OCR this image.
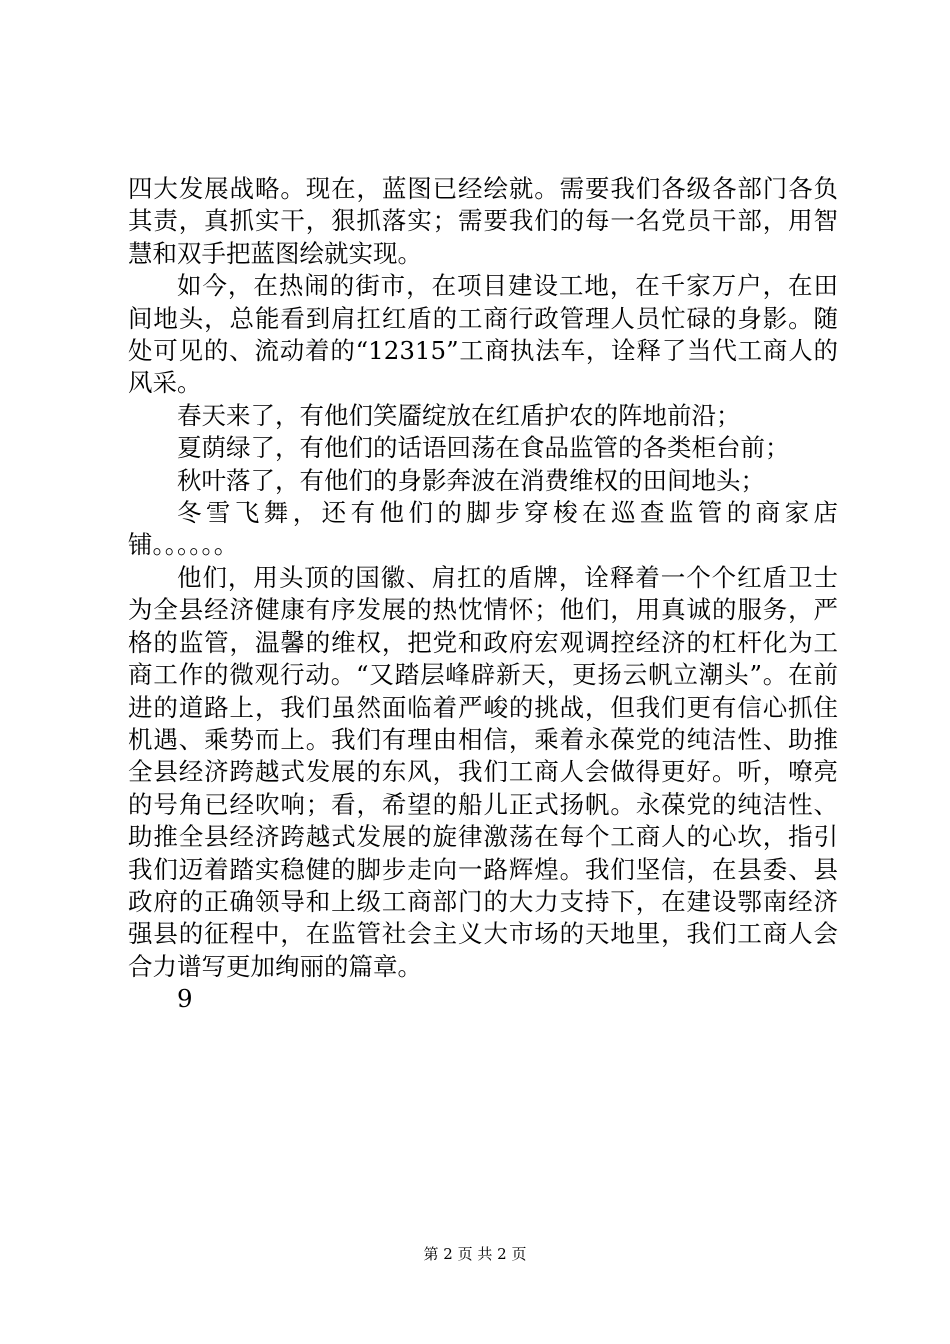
四大发展战略。现在，蓝图已经绘就。需要我们各级各部门各负其责，真抓实干，狠抓落实；需要我们的每一名党员干部，用智慧和双手把蓝图绘就实现。

如今，在热闹的街市，在项目建设工地，在千家万户，在田间地头，总能看到肩扛红盾的工商行政管理人员忙碌的身影。随处可见的、流动着的“12315”工商执法车，诠释了当代工商人的风采。

春天来了，有他们笑靥绽放在红盾护农的阵地前沿；

夏荫绿了，有他们的话语回荡在食品监管的各类柜台前；

秋叶落了，有他们的身影奔波在消费维权的田间地头；

冬雪飞舞，还有他们的脚步穿梭在巡查监管的商家店铺。。。。。。

他们，用头顶的国徽、肩扛的盾牌，诠释着一个个红盾卫士为全县经济健康有序发展的热忱情怀；他们，用真诚的服务，严格的监管，温馨的维权，把党和政府宏观调控经济的杠杆化为工商工作的微观行动。“又踏层峰辟新天，更扬云帆立潮头”。在前进的道路上，我们虽然面临着严峻的挑战，但我们更有信心抓住机遇、乘势而上。我们有理由相信，乘着永葆党的纯洁性、助推全县经济跨越式发展的东风，我们工商人会做得更好。听，嘹亮的号角已经吹响；看，希望的船儿正式扬帆。永葆党的纯洁性、助推全县经济跨越式发展的旋律激荡在每个工商人的心坎，指引我们迈着踏实稳健的脚步走向一路辉煌。我们坚信，在县委、县政府的正确领导和上级工商部门的大力支持下，在建设鄂南经济强县的征程中，在监管社会主义大市场的天地里，我们工商人会合力谱写更加绚丽的篇章。

9

第 2 页 共 2 页
